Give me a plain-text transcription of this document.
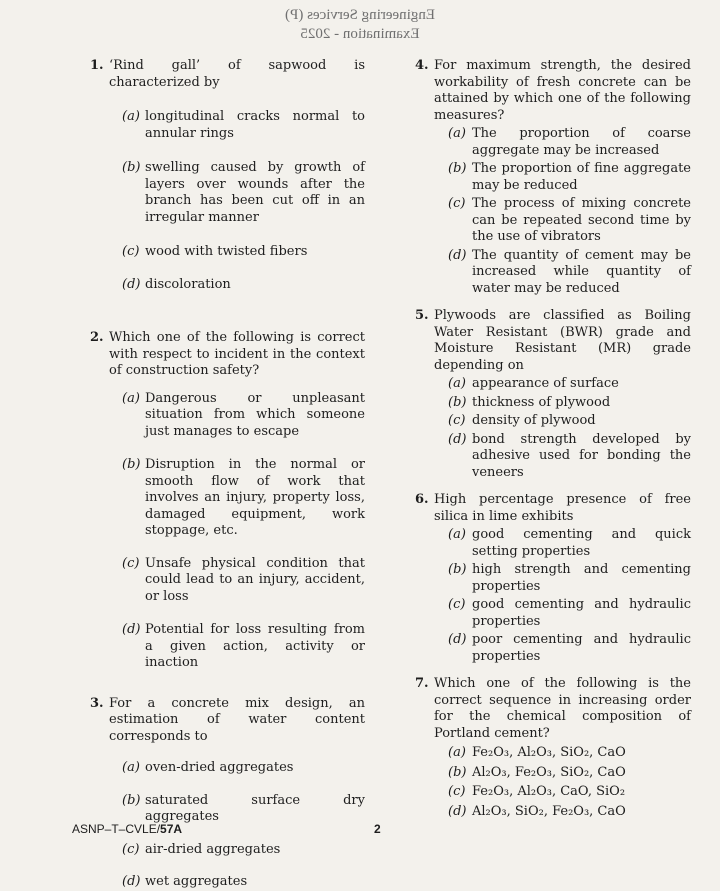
Engineering Services (P)
Examination - 2025
1. ‘Rind gall’ of sapwood is characterized by
(a) longitudinal cracks normal to annular rings
(b) swelling caused by growth of layers over wounds after the branch has been cut off in an irregular manner
(c) wood with twisted fibers
(d) discoloration
2. Which one of the following is correct with respect to incident in the context of construction safety?
(a) Dangerous or unpleasant situation from which someone just manages to escape
(b) Disruption in the normal or smooth flow of work that involves an injury, property loss, damaged equipment, work stoppage, etc.
(c) Unsafe physical condition that could lead to an injury, accident, or loss
(d) Potential for loss resulting from a given action, activity or inaction
3. For a concrete mix design, an estimation of water content corresponds to
(a) oven-dried aggregates
(b) saturated surface dry aggregates
(c) air-dried aggregates
(d) wet aggregates
4. For maximum strength, the desired workability of fresh concrete can be attained by which one of the following measures?
(a) The proportion of coarse aggregate may be increased
(b) The proportion of fine aggregate may be reduced
(c) The process of mixing concrete can be repeated second time by the use of vibrators
(d) The quantity of cement may be increased while quantity of water may be reduced
5. Plywoods are classified as Boiling Water Resistant (BWR) grade and Moisture Resistant (MR) grade depending on
(a) appearance of surface
(b) thickness of plywood
(c) density of plywood
(d) bond strength developed by adhesive used for bonding the veneers
6. High percentage presence of free silica in lime exhibits
(a) good cementing and quick setting properties
(b) high strength and cementing properties
(c) good cementing and hydraulic properties
(d) poor cementing and hydraulic properties
7. Which one of the following is the correct sequence in increasing order for the chemical composition of Portland cement?
(a) Fe₂O₃, Al₂O₃, SiO₂, CaO
(b) Al₂O₃, Fe₂O₃, SiO₂, CaO
(c) Fe₂O₃, Al₂O₃, CaO, SiO₂
(d) Al₂O₃, SiO₂, Fe₂O₃, CaO
ASNP–T–CVLE/57A	2
